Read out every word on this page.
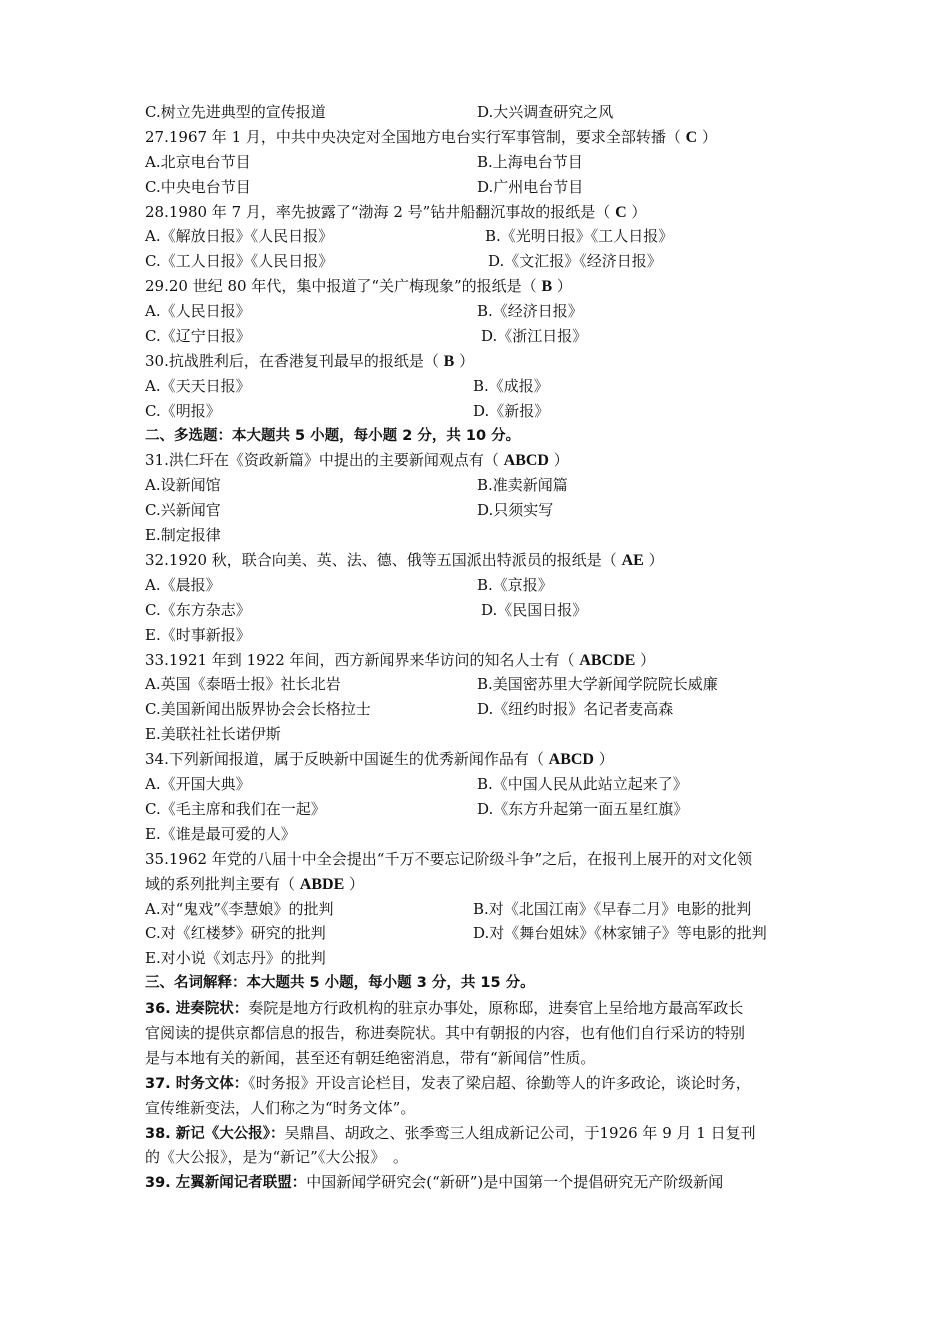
C.树立先进典型的宣传报道	D.大兴调查研究之风
27.1967 年 1 月，中共中央决定对全国地方电台实行军事管制，要求全部转播（ C ）
A.北京电台节目	B.上海电台节目
C.中央电台节目	D.广州电台节目
28.1980 年 7 月，率先披露了“渤海 2 号”钻井船翻沉事故的报纸是（ C ）
A.《解放日报》《人民日报》	B.《光明日报》《工人日报》
C.《工人日报》《人民日报》	D.《文汇报》《经济日报》
29.20 世纪 80 年代，集中报道了“关广梅现象”的报纸是（ B ）
A.《人民日报》	B.《经济日报》
C.《辽宁日报》	D.《浙江日报》
30.抗战胜利后，在香港复刊最早的报纸是（ B ）
A.《天天日报》	B.《成报》
C.《明报》	D.《新报》
二、多选题：本大题共 5 小题，每小题 2 分，共 10 分。
31.洪仁玕在《资政新篇》中提出的主要新闻观点有（ ABCD ）
A.设新闻馆	B.准卖新闻篇
C.兴新闻官	D.只须实写
E.制定报律
32.1920 秋，联合向美、英、法、德、俄等五国派出特派员的报纸是（ AE ）
A.《晨报》	B.《京报》
C.《东方杂志》	D.《民国日报》
E.《时事新报》
33.1921 年到 1922 年间，西方新闻界来华访问的知名人士有（ ABCDE ）
A.英国《泰晤士报》社长北岩	B.美国密苏里大学新闻学院院长威廉
C.美国新闻出版界协会会长格拉士	D.《纽约时报》名记者麦高森
E.美联社社长诺伊斯
34.下列新闻报道，属于反映新中国诞生的优秀新闻作品有（ ABCD ）
A.《开国大典》	B.《中国人民从此站立起来了》
C.《毛主席和我们在一起》	D.《东方升起第一面五星红旗》
E.《谁是最可爱的人》
35.1962 年党的八届十中全会提出“千万不要忘记阶级斗争”之后，在报刊上展开的对文化领
域的系列批判主要有（ ABDE ）
A.对“鬼戏”《李慧娘》的批判	B.对《北国江南》《早春二月》电影的批判
C.对《红楼梦》研究的批判	D.对《舞台姐妹》《林家铺子》等电影的批判
E.对小说《刘志丹》的批判
三、名词解释：本大题共 5 小题，每小题 3 分，共 15 分。
36. 进奏院状：奏院是地方行政机构的驻京办事处，原称邸，进奏官上呈给地方最高军政长
官阅读的提供京都信息的报告，称进奏院状。其中有朝报的内容，也有他们自行采访的特别
是与本地有关的新闻，甚至还有朝廷绝密消息，带有“新闻信”性质。
37. 时务文体：《时务报》开设言论栏目，发表了梁启超、徐勤等人的许多政论，谈论时务，
宣传维新变法，人们称之为“时务文体”。
38. 新记《大公报》：吴鼎昌、胡政之、张季鸾三人组成新记公司，于1926 年 9 月 1 日复刊
的《大公报》，是为“新记”《大公报》　。
39. 左翼新闻记者联盟：中国新闻学研究会(“新研”)是中国第一个提倡研究无产阶级新闻
